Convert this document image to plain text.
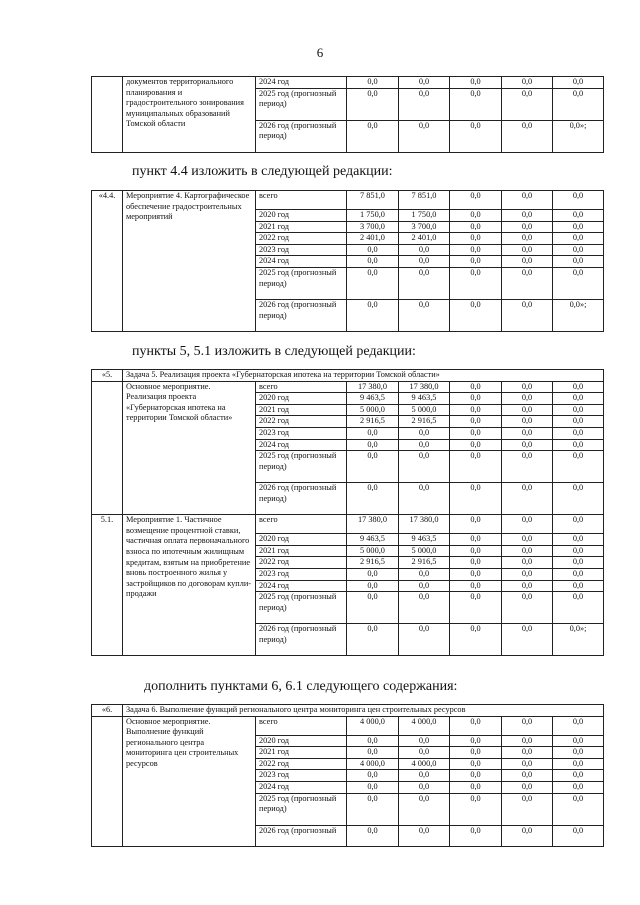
6
	документов территориального планирования и градостроительного зонирования муниципальных образований Томской области	2024 год	0,0	0,0	0,0	0,0	0,0
		2025 год (прогнозный период)	0,0	0,0	0,0	0,0	0,0
		2026 год (прогнозный период)	0,0	0,0	0,0	0,0	0,0»;
пункт 4.4 изложить в следующей редакции:
«4.4.	Мероприятие 4. Картографическое обеспечение градостроительных мероприятий	всего	7 851,0	7 851,0	0,0	0,0	0,0
		2020 год	1 750,0	1 750,0	0,0	0,0	0,0
		2021 год	3 700,0	3 700,0	0,0	0,0	0,0
		2022 год	2 401,0	2 401,0	0,0	0,0	0,0
		2023 год	0,0	0,0	0,0	0,0	0,0
		2024 год	0,0	0,0	0,0	0,0	0,0
		2025 год (прогнозный период)	0,0	0,0	0,0	0,0	0,0
		2026 год (прогнозный период)	0,0	0,0	0,0	0,0	0,0»;
пункты 5, 5.1 изложить в следующей редакции:
«5.	Задача 5. Реализация проекта «Губернаторская ипотека на территории Томской области»						
	Основное мероприятие. Реализация проекта «Губернаторская ипотека на территории Томской области»	всего	17 380,0	17 380,0	0,0	0,0	0,0
		2020 год	9 463,5	9 463,5	0,0	0,0	0,0
		2021 год	5 000,0	5 000,0	0,0	0,0	0,0
		2022 год	2 916,5	2 916,5	0,0	0,0	0,0
		2023 год	0,0	0,0	0,0	0,0	0,0
		2024 год	0,0	0,0	0,0	0,0	0,0
		2025 год (прогнозный период)	0,0	0,0	0,0	0,0	0,0
		2026 год (прогнозный период)	0,0	0,0	0,0	0,0	0,0
5.1.	Мероприятие 1. Частичное возмещение процентной ставки, частичная оплата первоначального взноса по ипотечным жилищным кредитам, взятым на приобретение вновь построенного жилья у застройщиков по договорам купли-продажи	всего	17 380,0	17 380,0	0,0	0,0	0,0
		2020 год	9 463,5	9 463,5	0,0	0,0	0,0
		2021 год	5 000,0	5 000,0	0,0	0,0	0,0
		2022 год	2 916,5	2 916,5	0,0	0,0	0,0
		2023 год	0,0	0,0	0,0	0,0	0,0
		2024 год	0,0	0,0	0,0	0,0	0,0
		2025 год (прогнозный период)	0,0	0,0	0,0	0,0	0,0
		2026 год (прогнозный период)	0,0	0,0	0,0	0,0	0,0»;
дополнить пунктами 6, 6.1 следующего содержания:
«6.	Задача 6. Выполнение функций регионального центра мониторинга цен строительных ресурсов						
	Основное мероприятие. Выполнение функций регионального центра мониторинга цен строительных ресурсов	всего	4 000,0	4 000,0	0,0	0,0	0,0
		2020 год	0,0	0,0	0,0	0,0	0,0
		2021 год	0,0	0,0	0,0	0,0	0,0
		2022 год	4 000,0	4 000,0	0,0	0,0	0,0
		2023 год	0,0	0,0	0,0	0,0	0,0
		2024 год	0,0	0,0	0,0	0,0	0,0
		2025 год (прогнозный период)	0,0	0,0	0,0	0,0	0,0
		2026 год (прогнозный	0,0	0,0	0,0	0,0	0,0
